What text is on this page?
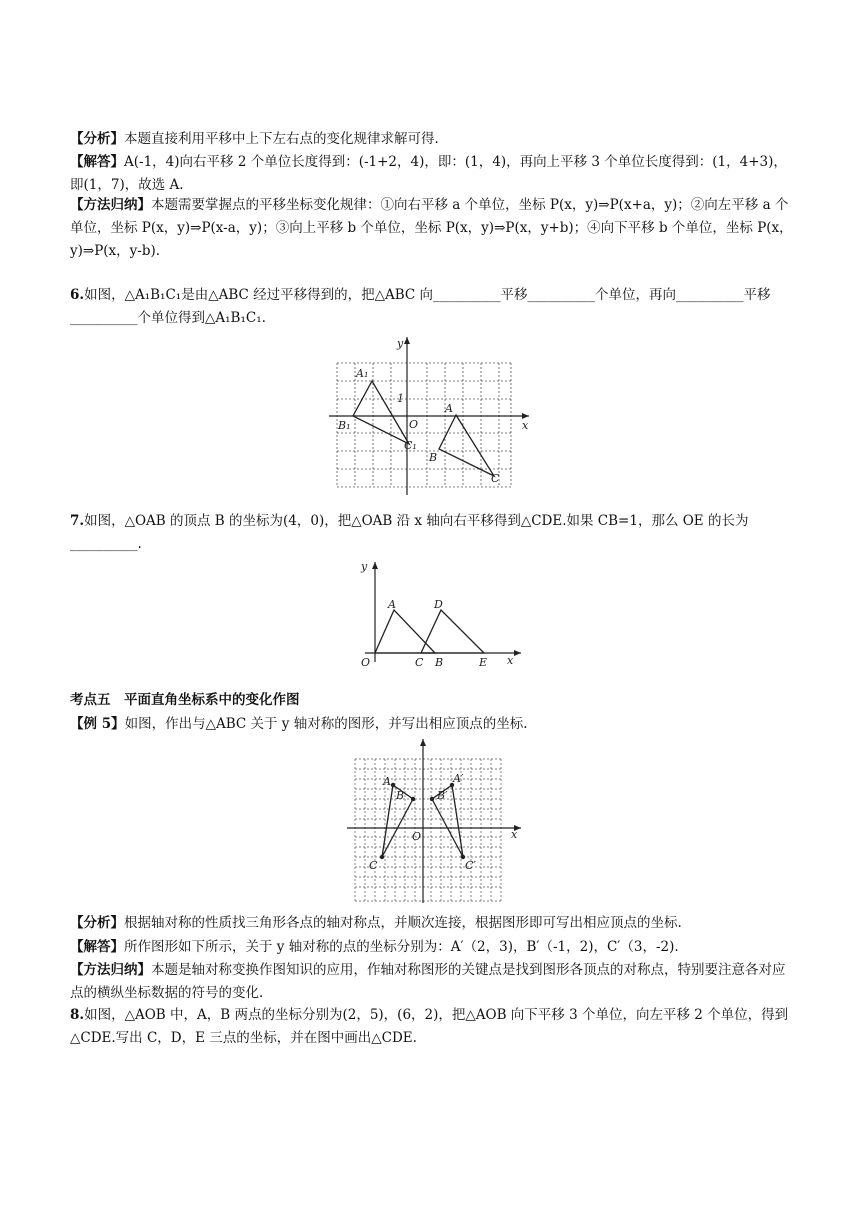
【分析】本题直接利用平移中上下左右点的变化规律求解可得.
【解答】A(-1，4)向右平移 2 个单位长度得到：(-1+2，4)，即：(1，4)，再向上平移 3 个单位长度得到：(1，4+3)，即(1，7)，故选 A.
【方法归纳】本题需要掌握点的平移坐标变化规律：①向右平移 a 个单位，坐标 P(x，y)⇒P(x+a，y)；②向左平移 a 个单位，坐标 P(x，y)⇒P(x-a，y)；③向上平移 b 个单位，坐标 P(x，y)⇒P(x，y+b)；④向下平移 b 个单位，坐标 P(x，y)⇒P(x，y-b).
6.如图，△A₁B₁C₁是由△ABC 经过平移得到的，把△ABC 向__________平移__________个单位，再向__________平移__________个单位得到△A₁B₁C₁.
y
x
A₁
B₁
C₁
O
1
A
B
C
7.如图，△OAB 的顶点 B 的坐标为(4，0)，把△OAB 沿 x 轴向右平移得到△CDE.如果 CB=1，那么 OE 的长为__________.
y
x
O
A
C B
D
E
考点五　平面直角坐标系中的变化作图
【例 5】如图，作出与△ABC 关于 y 轴对称的图形，并写出相应顶点的坐标.
x
O
A
B
C
A′
B′
C′
【分析】根据轴对称的性质找三角形各点的轴对称点，并顺次连接，根据图形即可写出相应顶点的坐标.
【解答】所作图形如下所示，关于 y 轴对称的点的坐标分别为：A′（2，3)，B′（-1，2)，C′（3，-2).
【方法归纳】本题是轴对称变换作图知识的应用，作轴对称图形的关键点是找到图形各顶点的对称点，特别要注意各对应点的横纵坐标数据的符号的变化.
8.如图，△AOB 中，A，B 两点的坐标分别为(2，5)，(6，2)，把△AOB 向下平移 3 个单位，向左平移 2 个单位，得到△CDE.写出 C，D，E 三点的坐标，并在图中画出△CDE.
